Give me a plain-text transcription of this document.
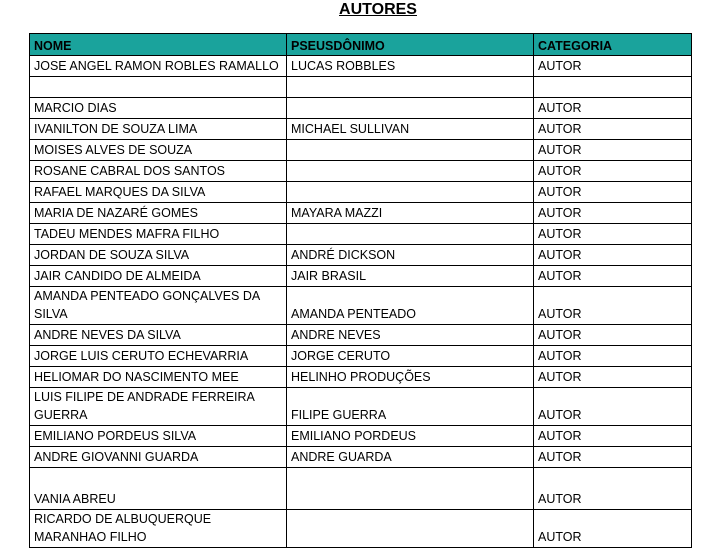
AUTORES
NOME	PSEUSDÔNIMO	CATEGORIA
JOSE ANGEL RAMON ROBLES RAMALLO	LUCAS ROBBLES	AUTOR

MARCIO DIAS		AUTOR
IVANILTON DE SOUZA LIMA	MICHAEL SULLIVAN	AUTOR
MOISES ALVES DE SOUZA		AUTOR
ROSANE CABRAL DOS SANTOS		AUTOR
RAFAEL MARQUES DA SILVA		AUTOR
MARIA DE NAZARÉ GOMES	MAYARA MAZZI	AUTOR
TADEU MENDES MAFRA FILHO		AUTOR
JORDAN DE SOUZA SILVA	ANDRÉ DICKSON	AUTOR
JAIR CANDIDO DE ALMEIDA	JAIR BRASIL	AUTOR
AMANDA PENTEADO GONÇALVES DA SILVA	AMANDA PENTEADO	AUTOR
ANDRE NEVES DA SILVA	ANDRE NEVES	AUTOR
JORGE LUIS CERUTO ECHEVARRIA	JORGE CERUTO	AUTOR
HELIOMAR DO NASCIMENTO MEE	HELINHO PRODUÇÕES	AUTOR
LUIS FILIPE DE ANDRADE FERREIRA GUERRA	FILIPE GUERRA	AUTOR
EMILIANO PORDEUS SILVA	EMILIANO PORDEUS	AUTOR
ANDRE GIOVANNI GUARDA	ANDRE GUARDA	AUTOR
VANIA ABREU		AUTOR
RICARDO DE ALBUQUERQUE MARANHAO FILHO		AUTOR
